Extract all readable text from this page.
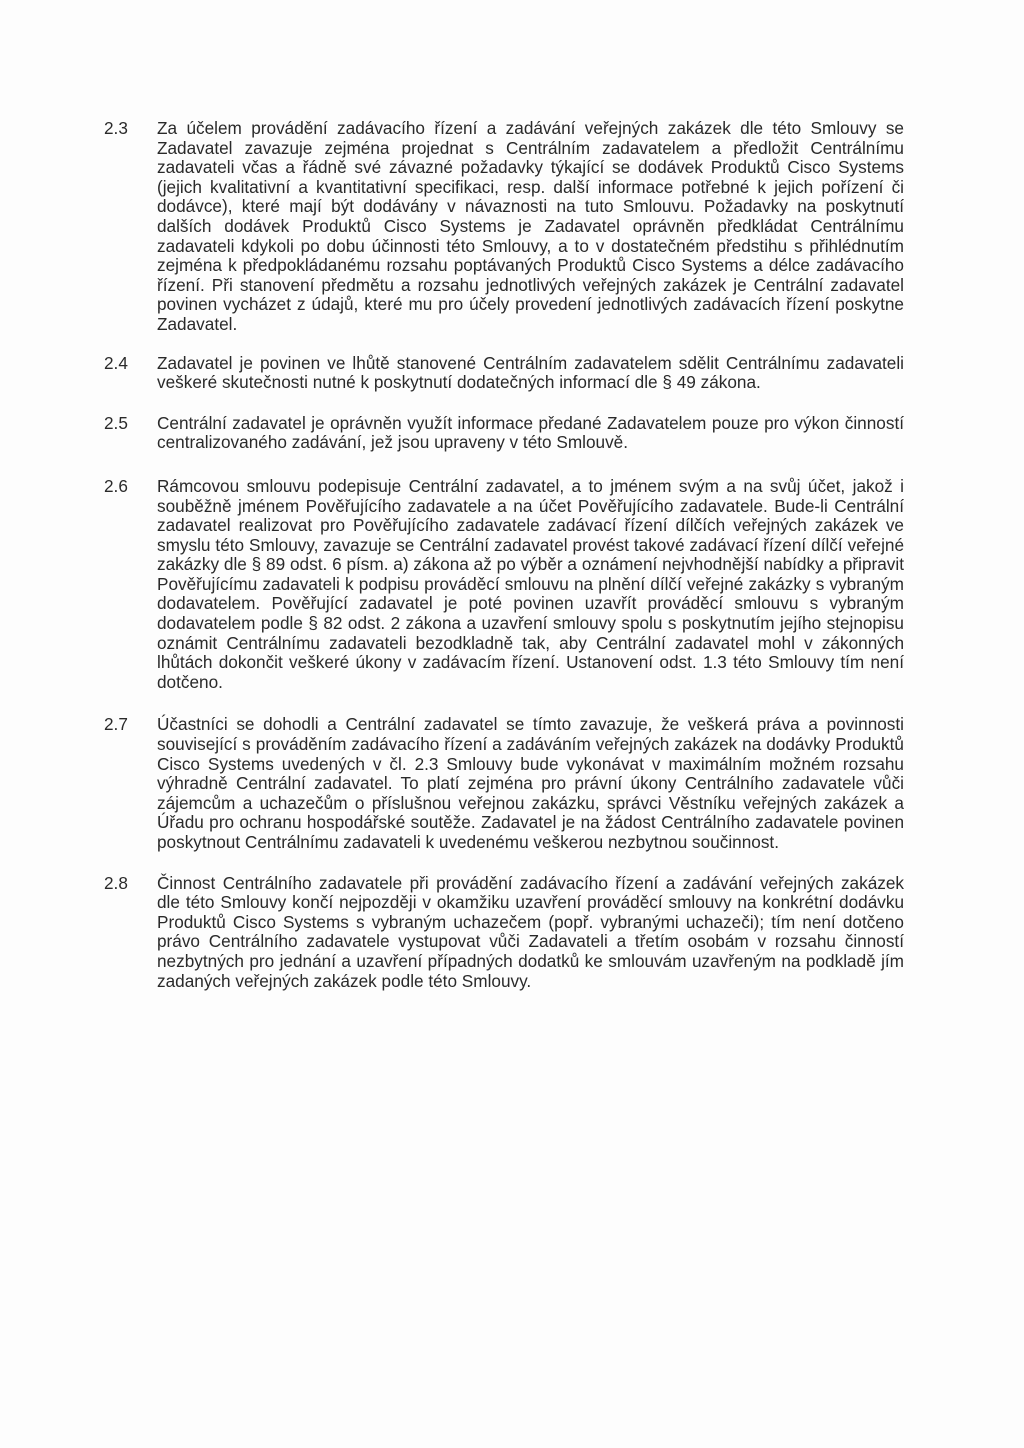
2.3	Za účelem provádění zadávacího řízení a zadávání veřejných zakázek dle této Smlouvy se Zadavatel zavazuje zejména projednat s Centrálním zadavatelem a předložit Centrálnímu zadavateli včas a řádně své závazné požadavky týkající se dodávek Produktů Cisco Systems (jejich kvalitativní a kvantitativní specifikaci, resp. další informace potřebné k jejich pořízení či dodávce), které mají být dodávány v návaznosti na tuto Smlouvu. Požadavky na poskytnutí dalších dodávek Produktů Cisco Systems je Zadavatel oprávněn předkládat Centrálnímu zadavateli kdykoli po dobu účinnosti této Smlouvy, a to v dostatečném předstihu s přihlédnutím zejména k předpokládanému rozsahu poptávaných Produktů Cisco Systems a délce zadávacího řízení. Při stanovení předmětu a rozsahu jednotlivých veřejných zakázek je Centrální zadavatel povinen vycházet z údajů, které mu pro účely provedení jednotlivých zadávacích řízení poskytne Zadavatel.
2.4	Zadavatel je povinen ve lhůtě stanovené Centrálním zadavatelem sdělit Centrálnímu zadavateli veškeré skutečnosti nutné k poskytnutí dodatečných informací dle § 49 zákona.
2.5	Centrální zadavatel je oprávněn využít informace předané Zadavatelem pouze pro výkon činností centralizovaného zadávání, jež jsou upraveny v této Smlouvě.
2.6	Rámcovou smlouvu podepisuje Centrální zadavatel, a to jménem svým a na svůj účet, jakož i souběžně jménem Pověřujícího zadavatele a na účet Pověřujícího zadavatele. Bude-li Centrální zadavatel realizovat pro Pověřujícího zadavatele zadávací řízení dílčích veřejných zakázek ve smyslu této Smlouvy, zavazuje se Centrální zadavatel provést takové zadávací řízení dílčí veřejné zakázky dle § 89 odst. 6 písm. a) zákona až po výběr a oznámení nejvhodnější nabídky a připravit Pověřujícímu zadavateli k podpisu prováděcí smlouvu na plnění dílčí veřejné zakázky s vybraným dodavatelem. Pověřující zadavatel je poté povinen uzavřít prováděcí smlouvu s vybraným dodavatelem podle § 82 odst. 2 zákona a uzavření smlouvy spolu s poskytnutím jejího stejnopisu oznámit Centrálnímu zadavateli bezodkladně tak, aby Centrální zadavatel mohl v zákonných lhůtách dokončit veškeré úkony v zadávacím řízení. Ustanovení odst. 1.3 této Smlouvy tím není dotčeno.
2.7	Účastníci se dohodli a Centrální zadavatel se tímto zavazuje, že veškerá práva a povinnosti související s prováděním zadávacího řízení a zadáváním veřejných zakázek na dodávky Produktů Cisco Systems uvedených v čl. 2.3 Smlouvy bude vykonávat v maximálním možném rozsahu výhradně Centrální zadavatel. To platí zejména pro právní úkony Centrálního zadavatele vůči zájemcům a uchazečům o příslušnou veřejnou zakázku, správci Věstníku veřejných zakázek a Úřadu pro ochranu hospodářské soutěže. Zadavatel je na žádost Centrálního zadavatele povinen poskytnout Centrálnímu zadavateli k uvedenému veškerou nezbytnou součinnost.
2.8	Činnost Centrálního zadavatele při provádění zadávacího řízení a zadávání veřejných zakázek dle této Smlouvy končí nejpozději v okamžiku uzavření prováděcí smlouvy na konkrétní dodávku Produktů Cisco Systems s vybraným uchazečem (popř. vybranými uchazeči); tím není dotčeno právo Centrálního zadavatele vystupovat vůči Zadavateli a třetím osobám v rozsahu činností nezbytných pro jednání a uzavření případných dodatků ke smlouvám uzavřeným na podkladě jím zadaných veřejných zakázek podle této Smlouvy.
